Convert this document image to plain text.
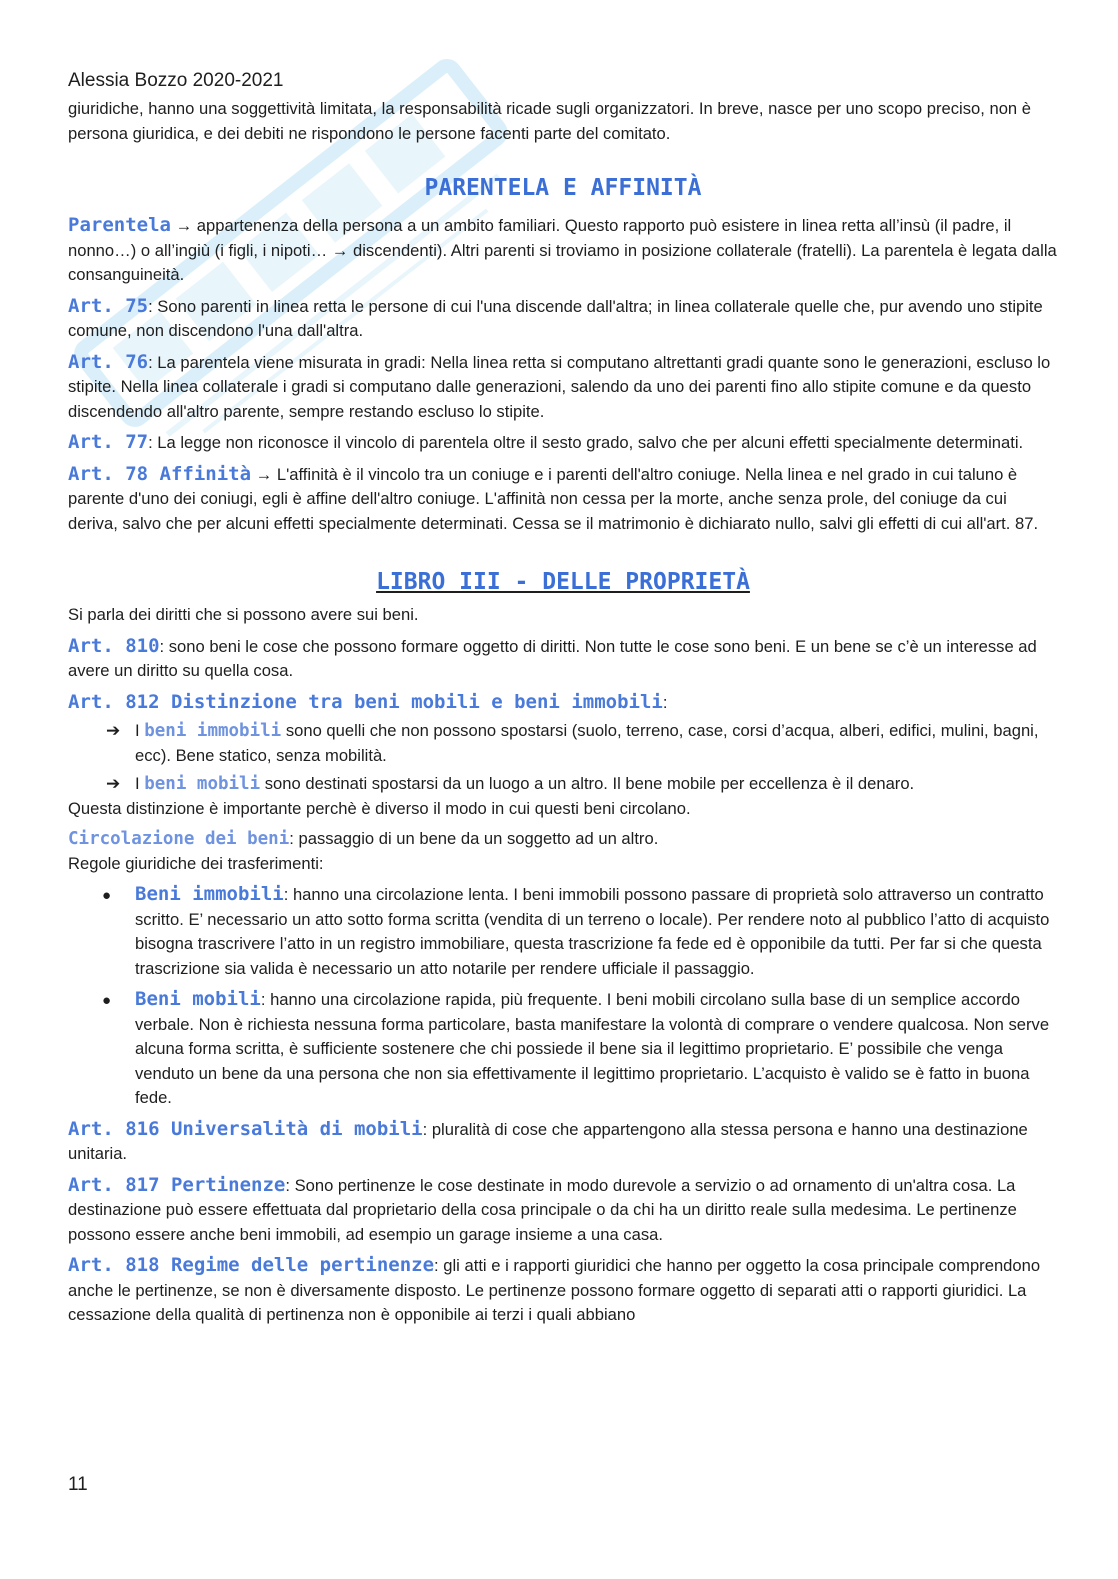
Alessia Bozzo 2020-2021

giuridiche, hanno una soggettività limitata, la responsabilità ricade sugli organizzatori. In breve, nasce per uno scopo preciso, non è persona giuridica, e dei debiti ne rispondono le persone facenti parte del comitato.

PARENTELA E AFFINITÀ

Parentela → appartenenza della persona a un ambito familiari. Questo rapporto può esistere in linea retta all’insù (il padre, il nonno…) o all’ingiù (i figli, i nipoti… → discendenti). Altri parenti si troviamo in posizione collaterale (fratelli). La parentela è legata dalla consanguineità.

Art. 75: Sono parenti in linea retta le persone di cui l'una discende dall'altra; in linea collaterale quelle che, pur avendo uno stipite comune, non discendono l'una dall'altra.

Art. 76: La parentela viene misurata in gradi: Nella linea retta si computano altrettanti gradi quante sono le generazioni, escluso lo stipite. Nella linea collaterale i gradi si computano dalle generazioni, salendo da uno dei parenti fino allo stipite comune e da questo discendendo all'altro parente, sempre restando escluso lo stipite.

Art. 77: La legge non riconosce il vincolo di parentela oltre il sesto grado, salvo che per alcuni effetti specialmente determinati.

Art. 78 Affinità → L'affinità è il vincolo tra un coniuge e i parenti dell'altro coniuge. Nella linea e nel grado in cui taluno è parente d'uno dei coniugi, egli è affine dell'altro coniuge. L'affinità non cessa per la morte, anche senza prole, del coniuge da cui deriva, salvo che per alcuni effetti specialmente determinati. Cessa se il matrimonio è dichiarato nullo, salvi gli effetti di cui all'art. 87.

LIBRO III - DELLE PROPRIETÀ

Si parla dei diritti che si possono avere sui beni.

Art. 810: sono beni le cose che possono formare oggetto di diritti. Non tutte le cose sono beni. E un bene se c’è un interesse ad avere un diritto su quella cosa.

Art. 812 Distinzione tra beni mobili e beni immobili:

➔ I beni immobili sono quelli che non possono spostarsi (suolo, terreno, case, corsi d’acqua, alberi, edifici, mulini, bagni, ecc). Bene statico, senza mobilità.
➔ I beni mobili sono destinati spostarsi da un luogo a un altro. Il bene mobile per eccellenza è il denaro.

Questa distinzione è importante perchè è diverso il modo in cui questi beni circolano.

Circolazione dei beni: passaggio di un bene da un soggetto ad un altro.

Regole giuridiche dei trasferimenti:

● Beni immobili: hanno una circolazione lenta. I beni immobili possono passare di proprietà solo attraverso un contratto scritto. E’ necessario un atto sotto forma scritta (vendita di un terreno o locale). Per rendere noto al pubblico l’atto di acquisto bisogna trascrivere l’atto in un registro immobiliare, questa trascrizione fa fede ed è opponibile da tutti. Per far si che questa trascrizione sia valida è necessario un atto notarile per rendere ufficiale il passaggio.
● Beni mobili: hanno una circolazione rapida, più frequente. I beni mobili circolano sulla base di un semplice accordo verbale. Non è richiesta nessuna forma particolare, basta manifestare la volontà di comprare o vendere qualcosa. Non serve alcuna forma scritta, è sufficiente sostenere che chi possiede il bene sia il legittimo proprietario. E’ possibile che venga venduto un bene da una persona che non sia effettivamente il legittimo proprietario. L’acquisto è valido se è fatto in buona fede.

Art. 816 Universalità di mobili: pluralità di cose che appartengono alla stessa persona e hanno una destinazione unitaria.

Art. 817 Pertinenze: Sono pertinenze le cose destinate in modo durevole a servizio o ad ornamento di un'altra cosa. La destinazione può essere effettuata dal proprietario della cosa principale o da chi ha un diritto reale sulla medesima. Le pertinenze possono essere anche beni immobili, ad esempio un garage insieme a una casa.

Art. 818 Regime delle pertinenze: gli atti e i rapporti giuridici che hanno per oggetto la cosa principale comprendono anche le pertinenze, se non è diversamente disposto. Le pertinenze possono formare oggetto di separati atti o rapporti giuridici. La cessazione della qualità di pertinenza non è opponibile ai terzi i quali abbiano

11
